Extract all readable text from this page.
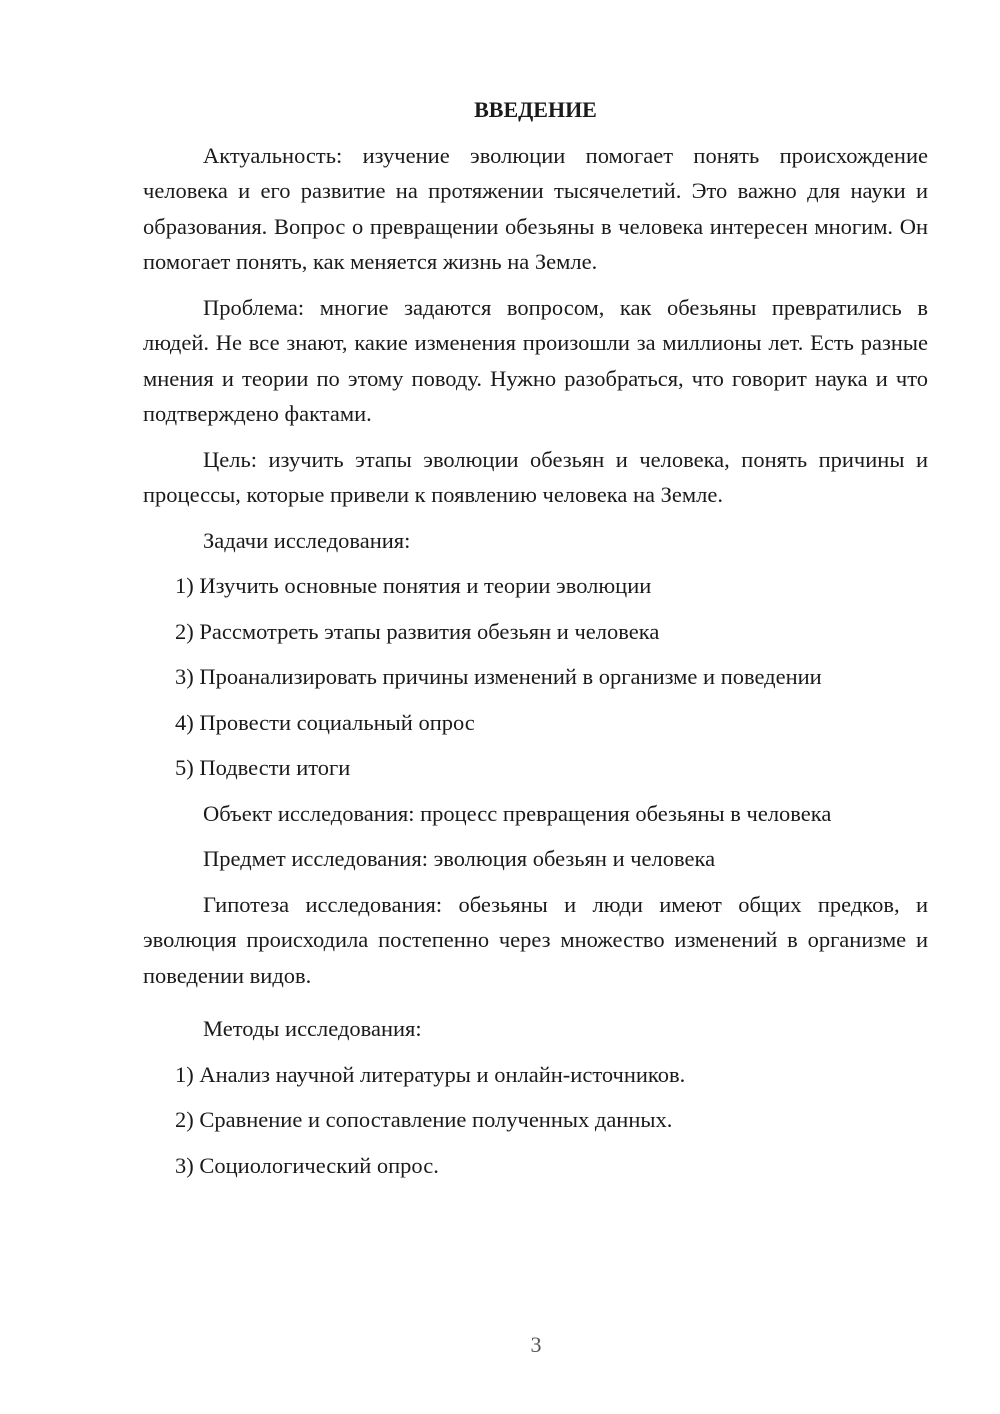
ВВЕДЕНИЕ

Актуальность: изучение эволюции помогает понять происхождение человека и его развитие на протяжении тысячелетий. Это важно для науки и образования. Вопрос о превращении обезьяны в человека интересен многим. Он помогает понять, как меняется жизнь на Земле.

Проблема: многие задаются вопросом, как обезьяны превратились в людей. Не все знают, какие изменения произошли за миллионы лет. Есть разные мнения и теории по этому поводу. Нужно разобраться, что говорит наука и что подтверждено фактами.

Цель: изучить этапы эволюции обезьян и человека, понять причины и процессы, которые привели к появлению человека на Земле.

Задачи исследования:
1) Изучить основные понятия и теории эволюции
2) Рассмотреть этапы развития обезьян и человека
3) Проанализировать причины изменений в организме и поведении
4) Провести социальный опрос
5) Подвести итоги
Объект исследования: процесс превращения обезьяны в человека
Предмет исследования: эволюция обезьян и человека

Гипотеза исследования: обезьяны и люди имеют общих предков, и эволюция происходила постепенно через множество изменений в организме и поведении видов.

Методы исследования:
1) Анализ научной литературы и онлайн-источников.
2) Сравнение и сопоставление полученных данных.
3) Социологический опрос.
3
